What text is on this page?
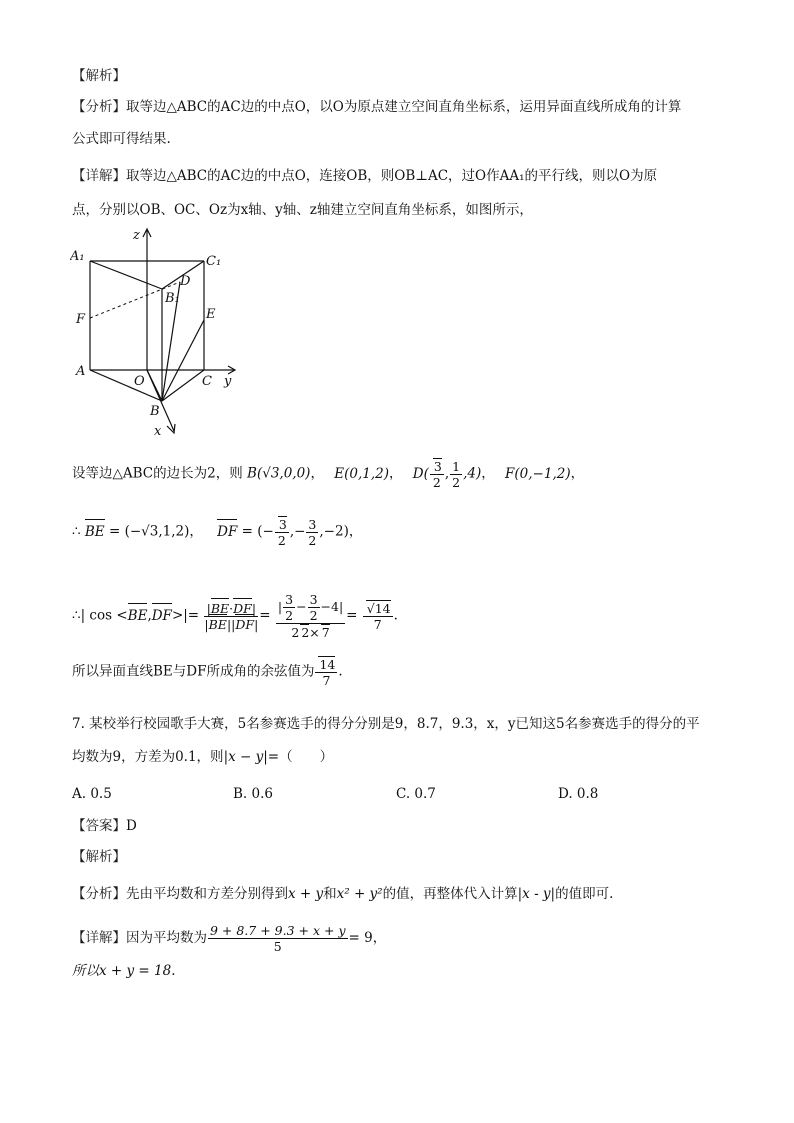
【解析】
【分析】取等边△ABC的AC边的中点O，以O为原点建立空间直角坐标系，运用异面直线所成角的计算
公式即可得结果.
【详解】取等边△ABC的AC边的中点O，连接OB，则OB⊥AC，过O作AA₁的平行线，则以O为原
点，分别以OB、OC、Oz为x轴、y轴、z轴建立空间直角坐标系，如图所示，
z
A₁	C₁
D
B₁
F	E
A
O	C y
B
x
设等边△ABC的边长为2，则 B(√3,0,0)， E(0,1,2)， $D( \frac{3}{2}$ , $\frac{1}{2} ,4$)， F(0,−1,2)，
∴ BE = (−√3,1,2)， DF = (− $\frac{3}{2}$ ,− $\frac{3}{2} ,-2$)，
∴| $\cos <BE,DF>|= \frac{|BE\cdot DF|}{|BE||DF|} = \frac{| \frac{3}{2} - \frac{3}{2} -4|}{2 2\times 7} = \frac{√14}{7}$ .
所以异面直线BE与DF所成角的余弦值为 $\frac{14}{7}$ .
7. 某校举行校园歌手大赛，5名参赛选手的得分分别是9，8.7，9.3，x，y已知这5名参赛选手的得分的平
均数为9，方差为0.1，则|x − y|=（　　）
A. 0.5	B. 0.6	C. 0.7	D. 0.8
【答案】D
【解析】
【分析】先由平均数和方差分别得到x + y和x² + y²的值，再整体代入计算|x - y|的值即可.
【详解】因为平均数为 $\frac{9 + 8.7 + 9.3 + x + y}{5} = 9$，
所以x + y = 18.
